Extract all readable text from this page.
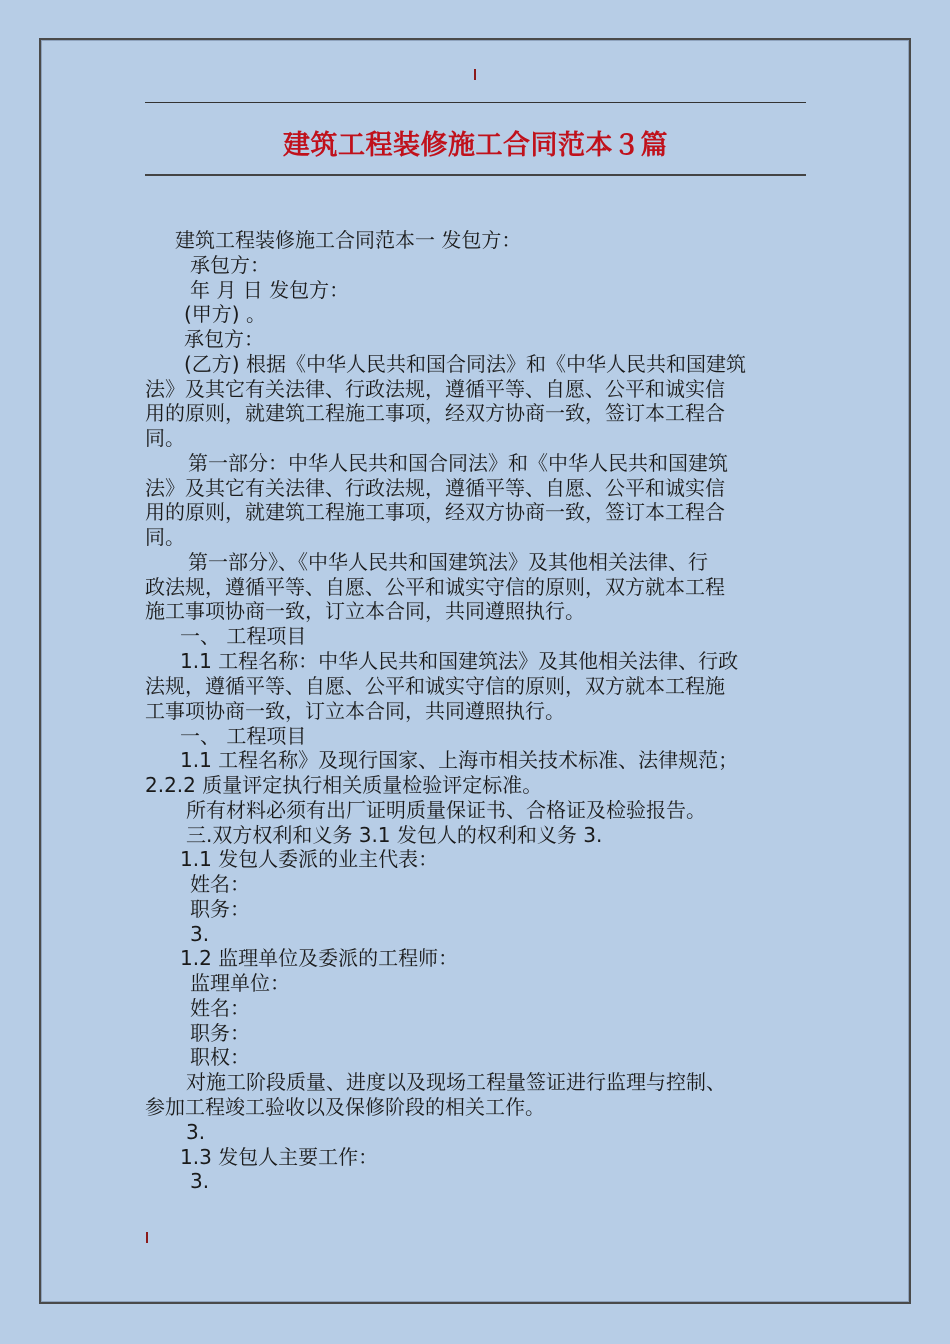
建筑工程装修施工合同范本３篇
建筑工程装修施工合同范本一 发包方：
承包方：
年 月 日 发包方：
(甲方) 。
承包方：
(乙方) 根据《中华人民共和国合同法》和《中华人民共和国建筑
法》及其它有关法律、行政法规，遵循平等、自愿、公平和诚实信
用的原则，就建筑工程施工事项，经双方协商一致，签订本工程合
同。
第一部分：中华人民共和国合同法》和《中华人民共和国建筑
法》及其它有关法律、行政法规，遵循平等、自愿、公平和诚实信
用的原则，就建筑工程施工事项，经双方协商一致，签订本工程合
同。
第一部分》、《中华人民共和国建筑法》及其他相关法律、行
政法规，遵循平等、自愿、公平和诚实守信的原则，双方就本工程
施工事项协商一致，订立本合同，共同遵照执行。
一、 工程项目
1.1 工程名称：中华人民共和国建筑法》及其他相关法律、行政
法规，遵循平等、自愿、公平和诚实守信的原则，双方就本工程施
工事项协商一致，订立本合同，共同遵照执行。
一、 工程项目
1.1 工程名称》及现行国家、上海市相关技术标准、法律规范；
2.2.2 质量评定执行相关质量检验评定标准。
所有材料必须有出厂证明质量保证书、合格证及检验报告。
三.双方权利和义务 3.1 发包人的权利和义务 3.
1.1 发包人委派的业主代表：
姓名：
职务：
3.
1.2 监理单位及委派的工程师：
监理单位：
姓名：
职务：
职权：
对施工阶段质量、进度以及现场工程量签证进行监理与控制、
参加工程竣工验收以及保修阶段的相关工作。
3.
1.3 发包人主要工作：
3.
